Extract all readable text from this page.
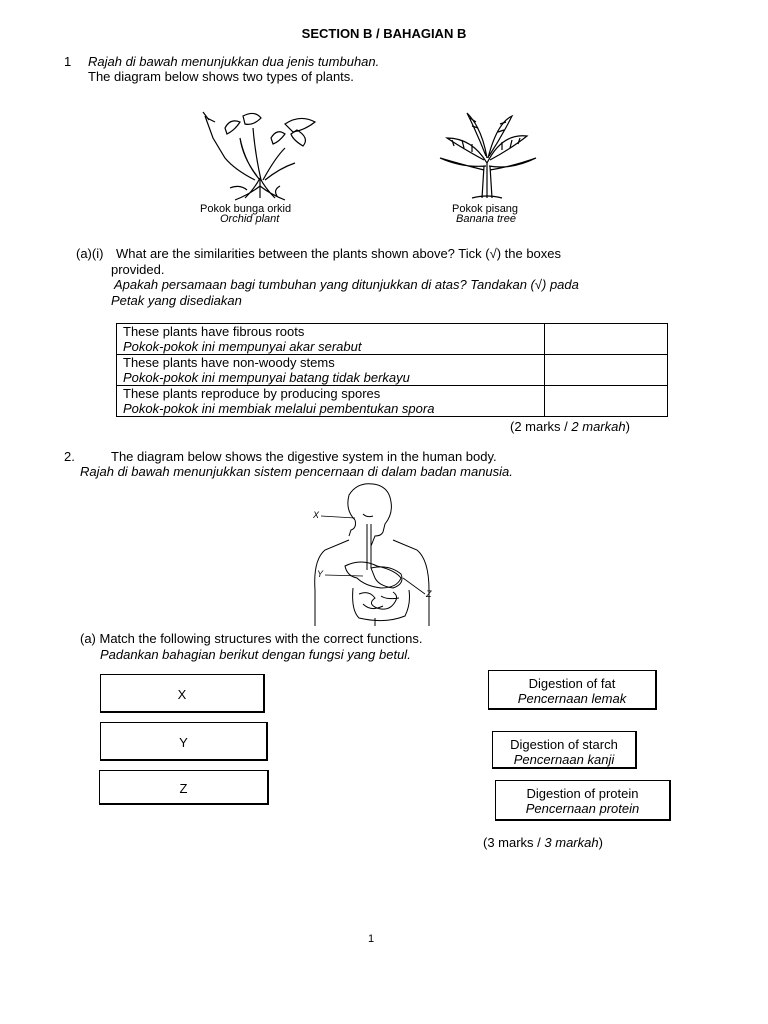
SECTION B / BAHAGIAN B
1 Rajah di bawah menunjukkan dua jenis tumbuhan.
The diagram below shows two types of plants.
Pokok bunga orkid
Orchid plant
Pokok pisang
Banana tree
(a)(i) What are the similarities between the plants shown above? Tick (√) the boxes
provided.
Apakah persamaan bagi tumbuhan yang ditunjukkan di atas? Tandakan (√) pada
Petak yang disediakan
These plants have fibrous roots
Pokok-pokok ini mempunyai akar serabut	

These plants have non-woody stems
Pokok-pokok ini mempunyai batang tidak berkayu	

These plants reproduce by producing spores
Pokok-pokok ini membiak melalui pembentukan spora	

(2 marks / 2 markah)
2.	The diagram below shows the digestive system in the human body.
Rajah di bawah menunjukkan sistem pencernaan di dalam badan manusia.
X
Y
Z
(a) Match the following structures with the correct functions.
Padankan bahagian berikut dengan fungsi yang betul.
X
Y
Z
Digestion of fat
Pencernaan lemak
Digestion of starch
Pencernaan kanji
Digestion of protein
Pencernaan protein
(3 marks / 3 markah)
1
